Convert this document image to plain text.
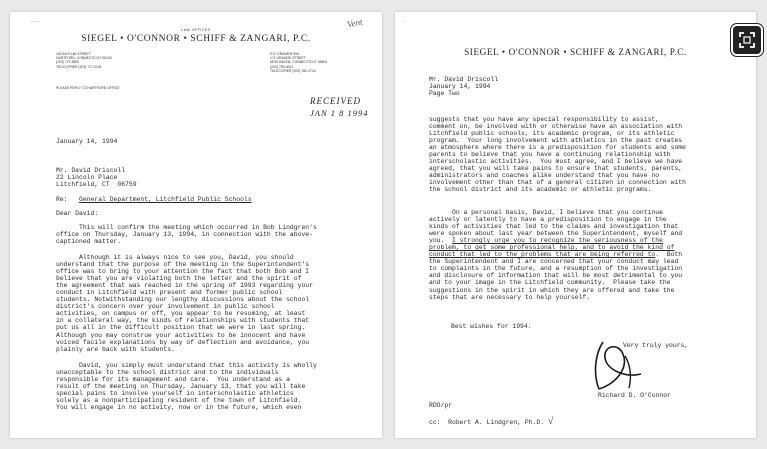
·········	Vent
LAW OFFICES
SIEGEL • O'CONNOR • SCHIFF & ZANGARI, P.C.
150 ASYLUM STREET
HARTFORD, CONNECTICUT 06103
(203) 727-8900
TELECOPIER (203) 727-0101
P.O. DRAWER 906
171 ORANGE STREET
NEW HAVEN, CONNECTICUT 06504
(203) 789-0001
TELECOPIER (203) 782-2744
PLEASE REPLY TO HARTFORD OFFICE
RECEIVED
JAN 1 8 1994
January 14, 1994
Mr. David Driscoll
22 Lincoln Place
Litchfield, CT  06759
Re: General Department, Litchfield Public Schools
Dear David:
This will confirm the meeting which occurred in Bob Lindgren's
office on Thursday, January 13, 1994, in connection with the above-
captioned matter.
Although it is always nice to see you, David, you should
understand that the purpose of the meeting in the Superintendent's
office was to bring to your attention the fact that both Bob and I
believe that you are violating both the letter and the spirit of
the agreement that was reached in the spring of 1993 regarding your
conduct in Litchfield with present and former public school
students. Notwithstanding our lengthy discussions about the school
district's concern over your involvement in public school
activities, on campus or off, you appear to be resuming, at least
in a collateral way, the kinds of relationships with students that
put us all in the difficult position that we were in last spring.
Although you may construe your activities to be innocent and have
voiced facile explanations by way of deflection and avoidance, you
plainly are back with students.
David, you simply must understand that this activity is wholly
unacceptable to the school district and to the individuals
responsible for its management and care.  You understand as a
result of the meeting on Thursday, January 13, that you will take
special pains to involve yourself in interscholastic athletics
solely as a nonparticipating resident of the town of Litchfield.
You will engage in no activity, now or in the future, which even
· · ·
SIEGEL • O'CONNOR • SCHIFF & ZANGARI, P.C.
Mr. David Driscoll
January 14, 1994
Page Two
suggests that you have any special responsibility to assist,
comment on, be involved with or otherwise have an association with
Litchfield public schools, its academic program, or its athletic
program.  Your long involvement with athletics in the past creates
an atmosphere where there is a predisposition for students and some
parents to believe that you have a continuing relationship with
interscholastic activities.  You must agree, and I believe we have
agreed, that you will take pains to ensure that students, parents,
administrators and coaches alike understand that you have no
involvement other than that of a general citizen in connection with
the school district and its academic or athletic programs.
On a personal basis, David, I believe that you continue
actively or latently to have a predisposition to engage in the
kinds of activities that led to the claims and investigation that
were spoken about last year between the Superintendent, myself and
you.  I strongly urge you to recognize the seriousness of the
problem, to get some professional help, and to avoid the kind of
conduct that led to the problems that are being referred to.  Both
the Superintendent and I are concerned that your conduct may lead
to complaints in the future, and a resumption of the investigation
and disclosure of information that will be most detrimental to you
and to your image in the Litchfield community.  Please take the
suggestions in the spirit in which they are offered and take the
steps that are necessary to help yourself.
Best wishes for 1994.
Very truly yours,
Richard D. O'Connor
RDO/pr
cc:  Robert A. Lindgren, Ph.D. √
